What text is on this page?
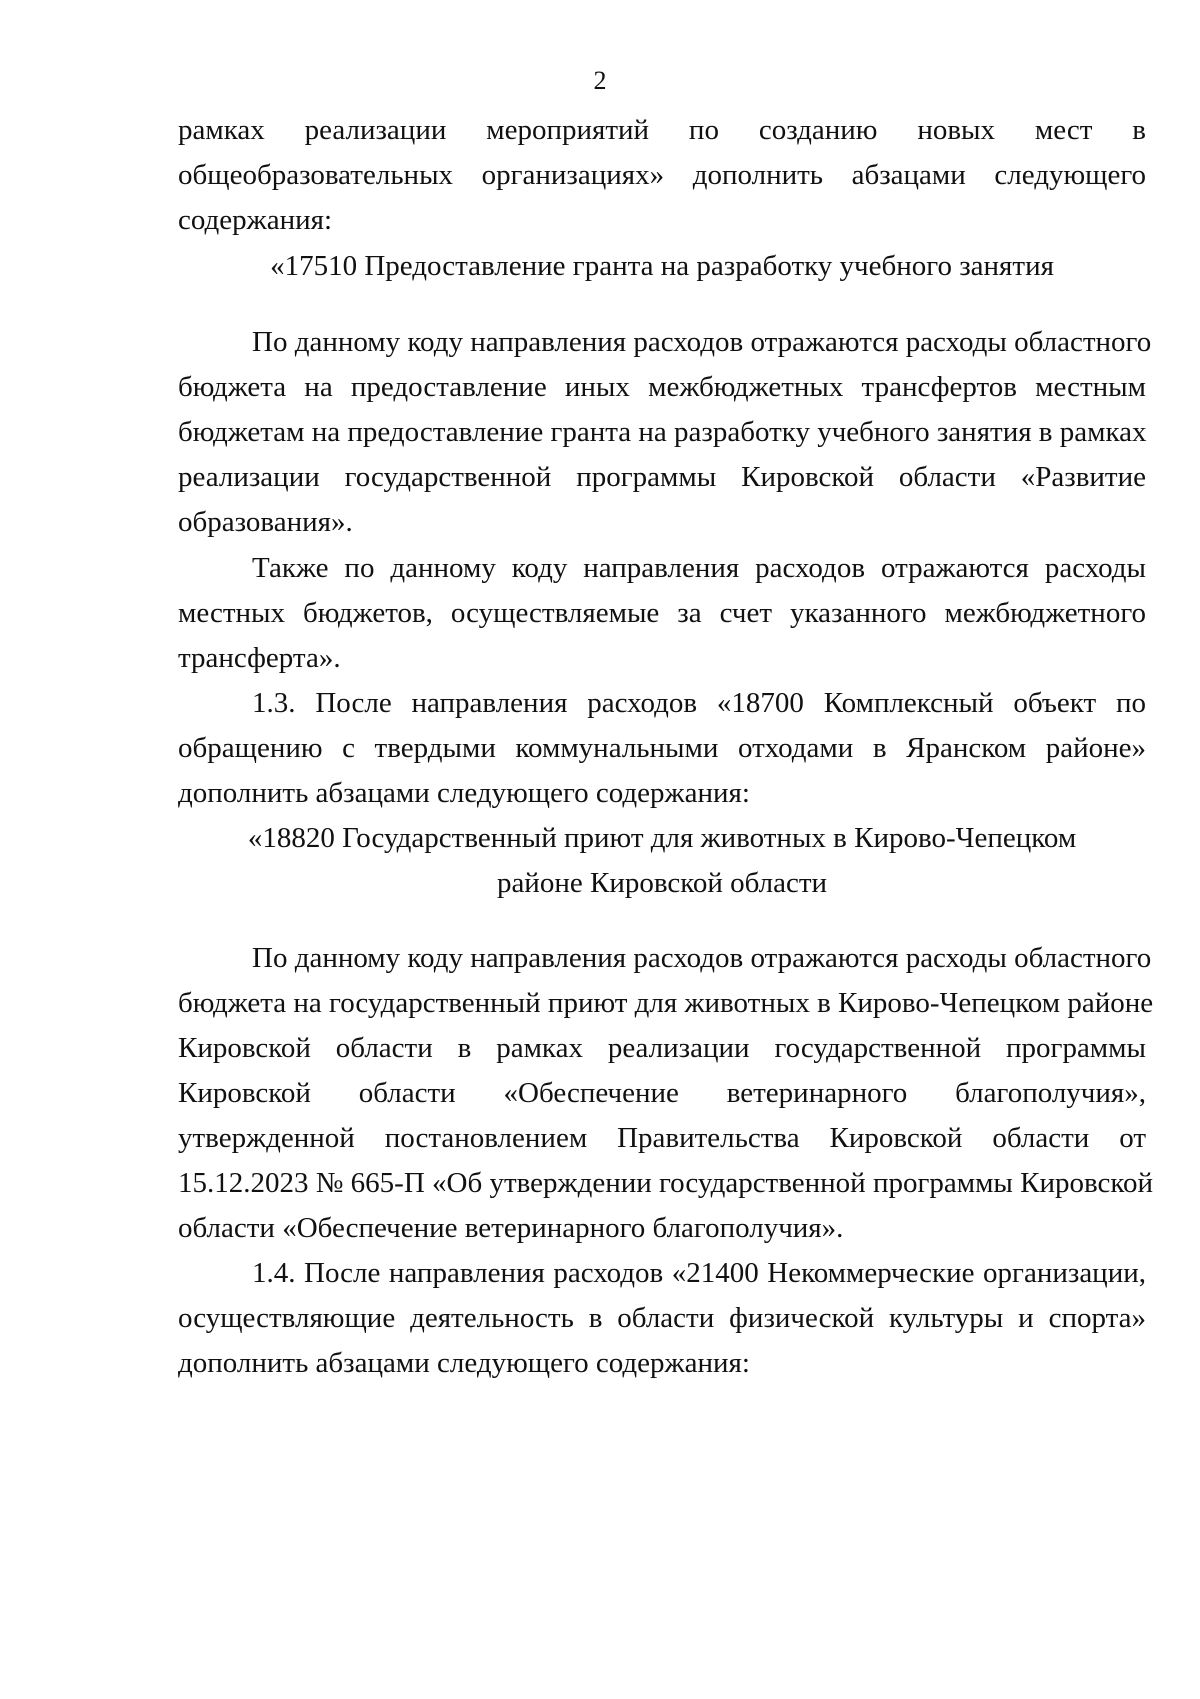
2
рамках реализации мероприятий по созданию новых мест в
общеобразовательных организациях» дополнить абзацами следующего
содержания:
«17510 Предоставление гранта на разработку учебного занятия
По данному коду направления расходов отражаются расходы областного
бюджета на предоставление иных межбюджетных трансфертов местным
бюджетам на предоставление гранта на разработку учебного занятия в рамках
реализации государственной программы Кировской области «Развитие
образования».
Также по данному коду направления расходов отражаются расходы
местных бюджетов, осуществляемые за счет указанного межбюджетного
трансферта».
1.3. После направления расходов «18700 Комплексный объект по
обращению с твердыми коммунальными отходами в Яранском районе»
дополнить абзацами следующего содержания:
«18820 Государственный приют для животных в Кирово-Чепецком
районе Кировской области
По данному коду направления расходов отражаются расходы областного
бюджета на государственный приют для животных в Кирово-Чепецком районе
Кировской области в рамках реализации государственной программы
Кировской области «Обеспечение ветеринарного благополучия»,
утвержденной постановлением Правительства Кировской области от
15.12.2023 № 665-П «Об утверждении государственной программы Кировской
области «Обеспечение ветеринарного благополучия».
1.4. После направления расходов «21400 Некоммерческие организации,
осуществляющие деятельность в области физической культуры и спорта»
дополнить абзацами следующего содержания:
